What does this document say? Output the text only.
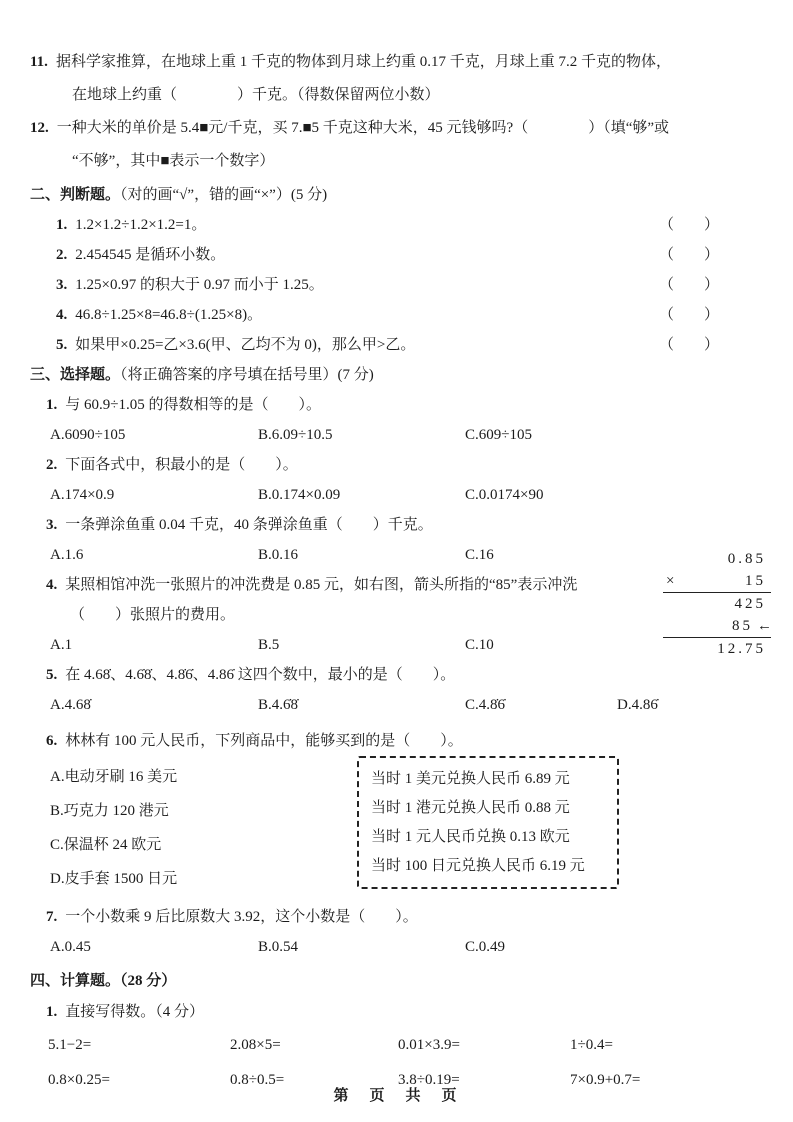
11. 据科学家推算，在地球上重 1 千克的物体到月球上约重 0.17 千克，月球上重 7.2 千克的物体，
在地球上约重（　　　　）千克。（得数保留两位小数）
12. 一种大米的单价是 5.4■元/千克，买 7.■5 千克这种大米，45 元钱够吗?（　　　　）（填“够”或
“不够”，其中■表示一个数字）
二、判断题。（对的画“√”，错的画“×”）(5 分)
1. 1.2×1.2÷1.2×1.2=1。	（　　）
2. 2.454545 是循环小数。	（　　）
3. 1.25×0.97 的积大于 0.97 而小于 1.25。	（　　）
4. 46.8÷1.25×8=46.8÷(1.25×8)。	（　　）
5. 如果甲×0.25=乙×3.6(甲、乙均不为 0)，那么甲>乙。	（　　）
三、选择题。（将正确答案的序号填在括号里）(7 分)
1. 与 60.9÷1.05 的得数相等的是（　　）。
A.6090÷105	B.6.09÷10.5	C.609÷105
2. 下面各式中，积最小的是（　　）。
A.174×0.9	B.0.174×0.09	C.0.0174×90
3. 一条弹涂鱼重 0.04 千克，40 条弹涂鱼重（　　）千克。
A.1.6	B.0.16	C.16
4. 某照相馆冲洗一张照片的冲洗费是 0.85 元，如右图，箭头所指的“85”表示冲洗
（　　）张照片的费用。
A.1	B.5	C.10
0.85
×	15
425
85 ←
12.75
5. 在 4.68̇、4.6̇8̇、4.8̇6̇、4.86̇ 这四个数中，最小的是（　　）。
A.4.68̇	B.4.6̇8̇	C.4.8̇6̇	D.4.86̇
6. 林林有 100 元人民币，下列商品中，能够买到的是（　　）。
A.电动牙刷 16 美元
B.巧克力 120 港元
C.保温杯 24 欧元
D.皮手套 1500 日元
当时 1 美元兑换人民币 6.89 元
当时 1 港元兑换人民币 0.88 元
当时 1 元人民币兑换 0.13 欧元
当时 100 日元兑换人民币 6.19 元
7. 一个小数乘 9 后比原数大 3.92，这个小数是（　　）。
A.0.45	B.0.54	C.0.49
四、计算题。（28 分）
1. 直接写得数。（4 分）
5.1−2=	2.08×5=	0.01×3.9=	1÷0.4=
0.8×0.25=	0.8÷0.5=	3.8÷0.19=	7×0.9+0.7=
第　页　共　页
